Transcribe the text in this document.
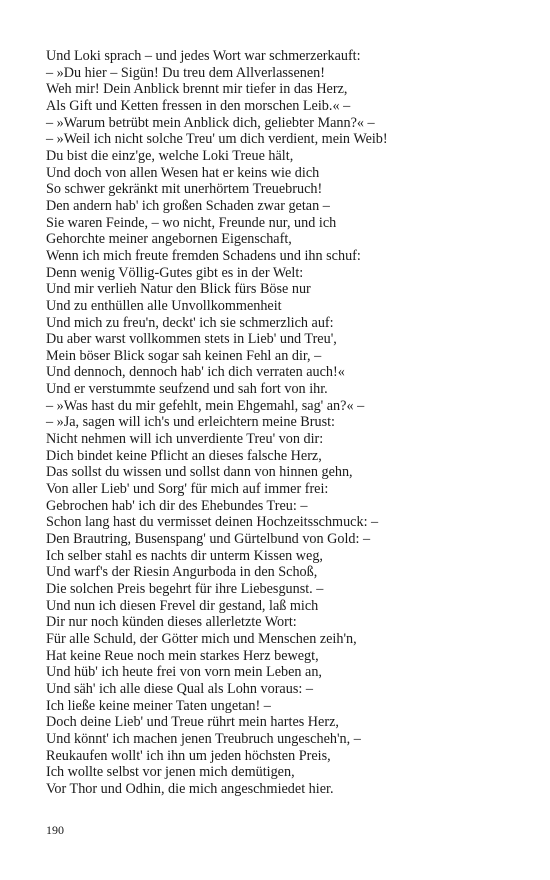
Und Loki sprach – und jedes Wort war schmerzerkauft:
– »Du hier – Sigün! Du treu dem Allverlassenen!
Weh mir! Dein Anblick brennt mir tiefer in das Herz,
Als Gift und Ketten fressen in den morschen Leib.« –
– »Warum betrübt mein Anblick dich, geliebter Mann?« –
– »Weil ich nicht solche Treu' um dich verdient, mein Weib!
Du bist die einz'ge, welche Loki Treue hält,
Und doch von allen Wesen hat er keins wie dich
So schwer gekränkt mit unerhörtem Treuebruch!
Den andern hab' ich großen Schaden zwar getan –
Sie waren Feinde, – wo nicht, Freunde nur, und ich
Gehorchte meiner angebornen Eigenschaft,
Wenn ich mich freute fremden Schadens und ihn schuf:
Denn wenig Völlig-Gutes gibt es in der Welt:
Und mir verlieh Natur den Blick fürs Böse nur
Und zu enthüllen alle Unvollkommenheit
Und mich zu freu'n, deckt' ich sie schmerzlich auf:
Du aber warst vollkommen stets in Lieb' und Treu',
Mein böser Blick sogar sah keinen Fehl an dir, –
Und dennoch, dennoch hab' ich dich verraten auch!«
Und er verstummte seufzend und sah fort von ihr.
– »Was hast du mir gefehlt, mein Ehgemahl, sag' an?« –
– »Ja, sagen will ich's und erleichtern meine Brust:
Nicht nehmen will ich unverdiente Treu' von dir:
Dich bindet keine Pflicht an dieses falsche Herz,
Das sollst du wissen und sollst dann von hinnen gehn,
Von aller Lieb' und Sorg' für mich auf immer frei:
Gebrochen hab' ich dir des Ehebundes Treu: –
Schon lang hast du vermisset deinen Hochzeitsschmuck: –
Den Brautring, Busenspang' und Gürtelbund von Gold: –
Ich selber stahl es nachts dir unterm Kissen weg,
Und warf's der Riesin Angurboda in den Schoß,
Die solchen Preis begehrt für ihre Liebesgunst. –
Und nun ich diesen Frevel dir gestand, laß mich
Dir nur noch künden dieses allerletzte Wort:
Für alle Schuld, der Götter mich und Menschen zeih'n,
Hat keine Reue noch mein starkes Herz bewegt,
Und hüb' ich heute frei von vorn mein Leben an,
Und säh' ich alle diese Qual als Lohn voraus: –
Ich ließe keine meiner Taten ungetan! –
Doch deine Lieb' und Treue rührt mein hartes Herz,
Und könnt' ich machen jenen Treubruch ungescheh'n, –
Reukaufen wollt' ich ihn um jeden höchsten Preis,
Ich wollte selbst vor jenen mich demütigen,
Vor Thor und Odhin, die mich angeschmiedet hier.
190
